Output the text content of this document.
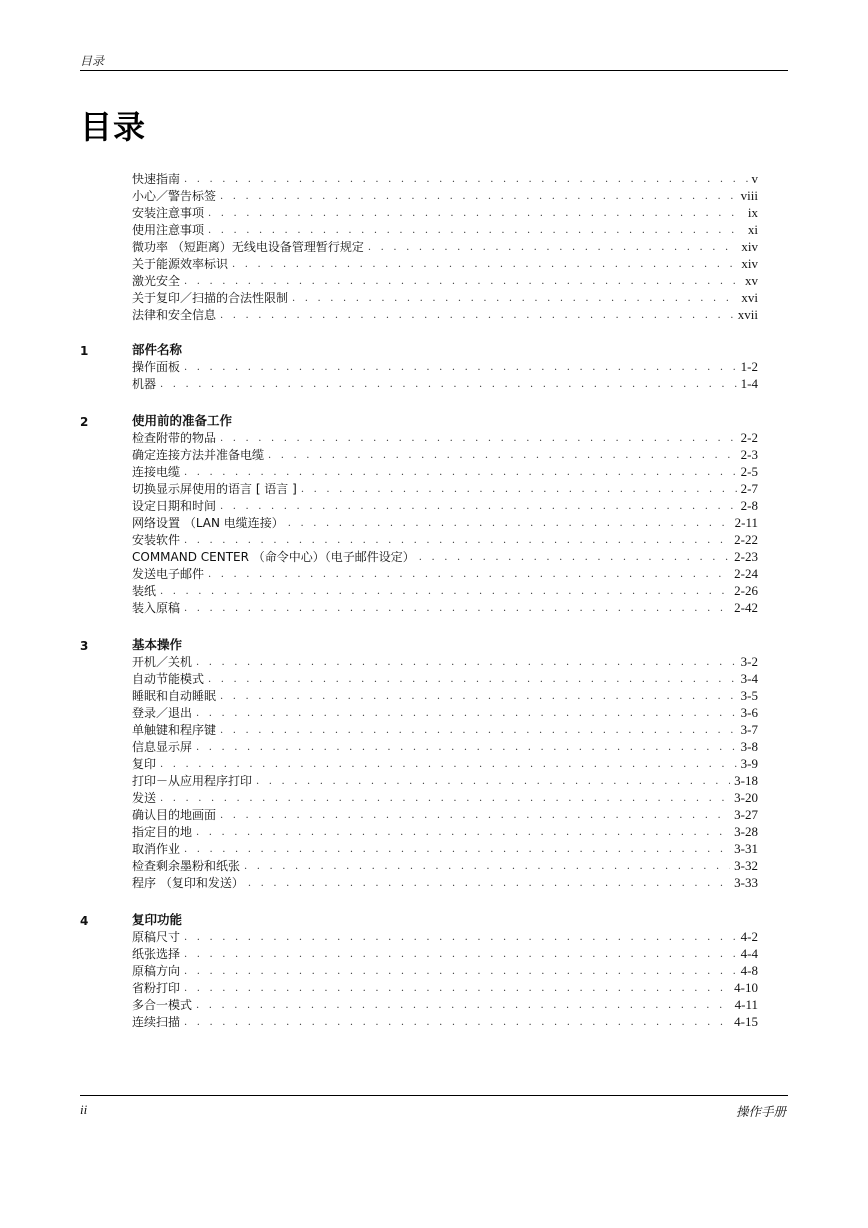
目录
目录
快速指南 . . .	v
小心／警告标签 . . .	viii
安装注意事项 . . .	ix
使用注意事项 . . .	xi
微功率 （短距离）无线电设备管理暂行规定 . . .	xiv
关于能源效率标识 . . .	xiv
激光安全 . . .	xv
关于复印／扫描的合法性限制 . . .	xvi
法律和安全信息 . . .	xvii
1	部件名称
操作面板 . . .	1-2
机器 . . .	1-4
2	使用前的准备工作
检查附带的物品 . . .	2-2
确定连接方法并准备电缆 . . .	2-3
连接电缆 . . .	2-5
切换显示屏使用的语言 [ 语言 ] . . .	2-7
设定日期和时间 . . .	2-8
网络设置 （LAN 电缆连接） . . .	2-11
安装软件 . . .	2-22
COMMAND CENTER （命令中心）（电子邮件设定） . . .	2-23
发送电子邮件 . . .	2-24
装纸 . . .	2-26
装入原稿 . . .	2-42
3	基本操作
开机／关机 . . .	3-2
自动节能模式 . . .	3-4
睡眠和自动睡眠 . . .	3-5
登录／退出 . . .	3-6
单触键和程序键 . . .	3-7
信息显示屏 . . .	3-8
复印 . . .	3-9
打印－从应用程序打印 . . .	3-18
发送 . . .	3-20
确认目的地画面 . . .	3-27
指定目的地 . . .	3-28
取消作业 . . .	3-31
检查剩余墨粉和纸张 . . .	3-32
程序 （复印和发送） . . .	3-33
4	复印功能
原稿尺寸 . . .	4-2
纸张选择 . . .	4-4
原稿方向 . . .	4-8
省粉打印 . . .	4-10
多合一模式 . . .	4-11
连续扫描 . . .	4-15
ii	操作手册
